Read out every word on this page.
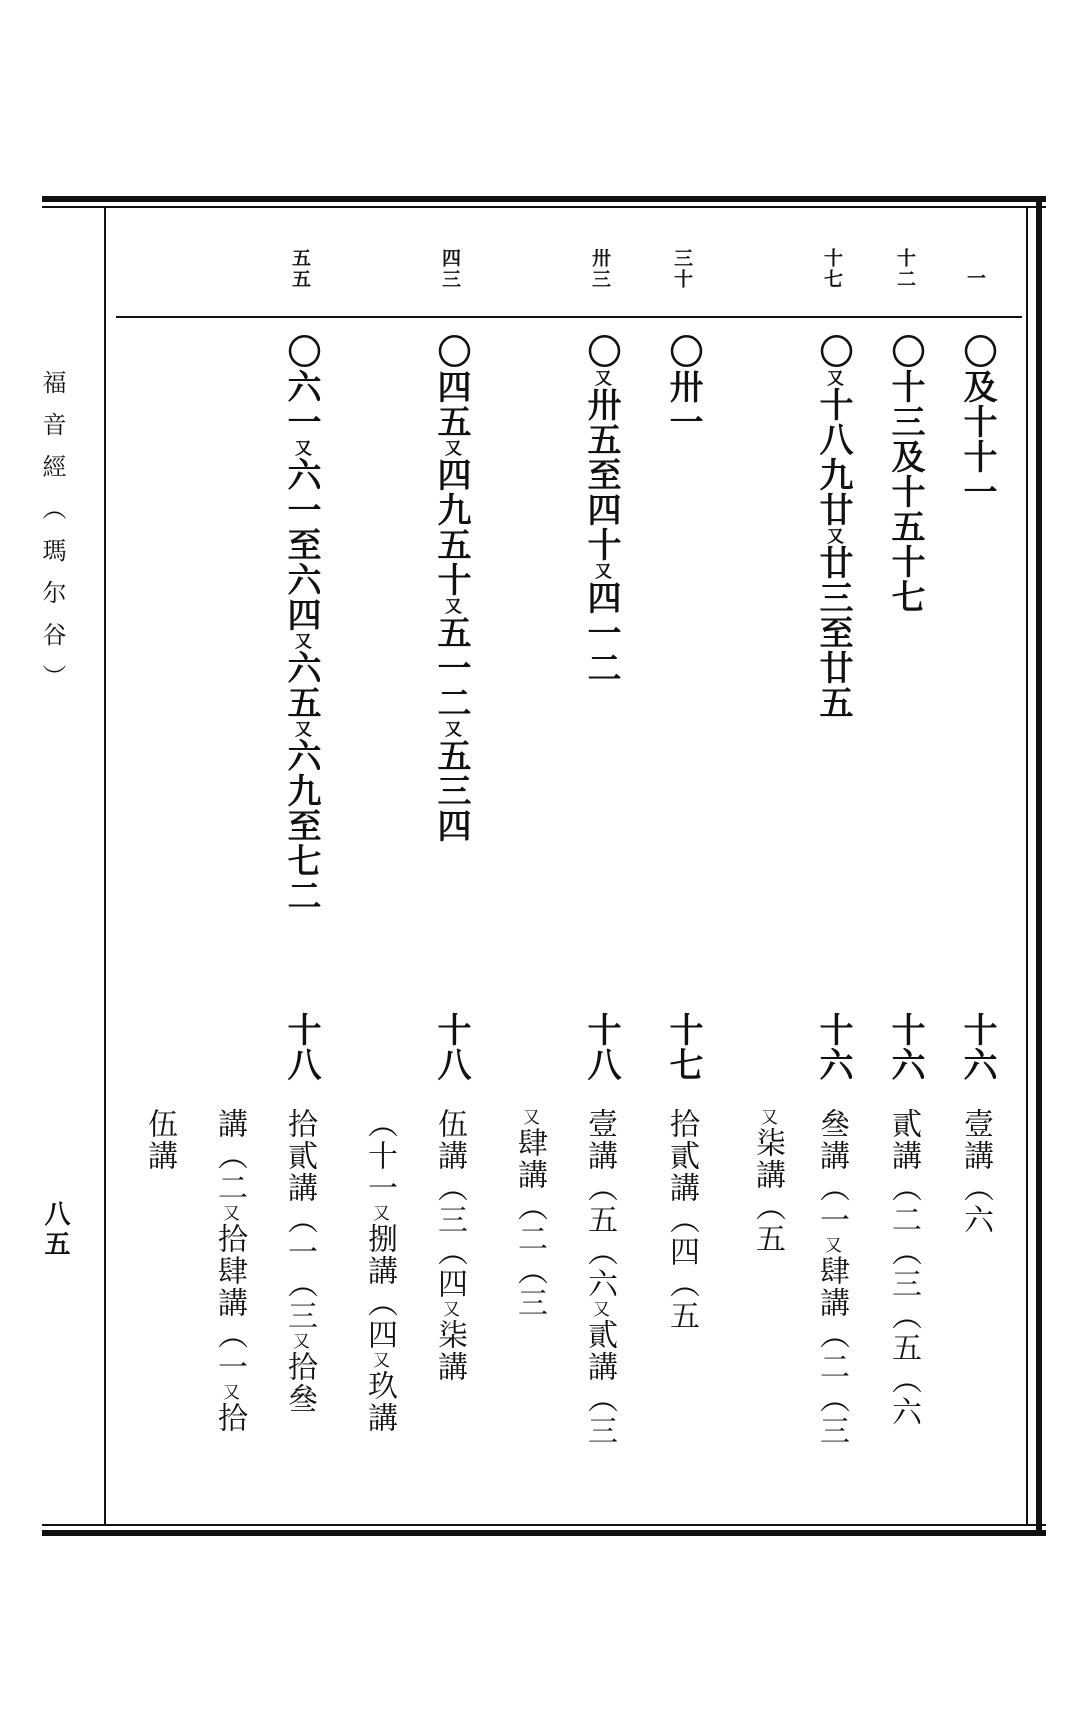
福音經（瑪尔谷）
八五
一
〇及十十一
十六
壹講（六
十二
〇十三及十五十七
十六
貳講（二（三（五（六
十七
〇又十八九廿又廿三至廿五
十六
叄講（一又肆講（二（三
又柒講（五
三十
〇卅一
十七
拾貳講（四（五
卅三
〇又卅五至四十又四一二
十八
壹講（五（六又貳講（三
又肆講（二（三
四三
〇四五又四九五十又五一二又五三四
十八
伍講（三（四又柒講
（十一又捌講（四又玖講
五五
〇六一又六一至六四又六五又六九至七二
十八
拾貳講（一（三又拾叄
講（二又拾肆講（一又拾
伍講
